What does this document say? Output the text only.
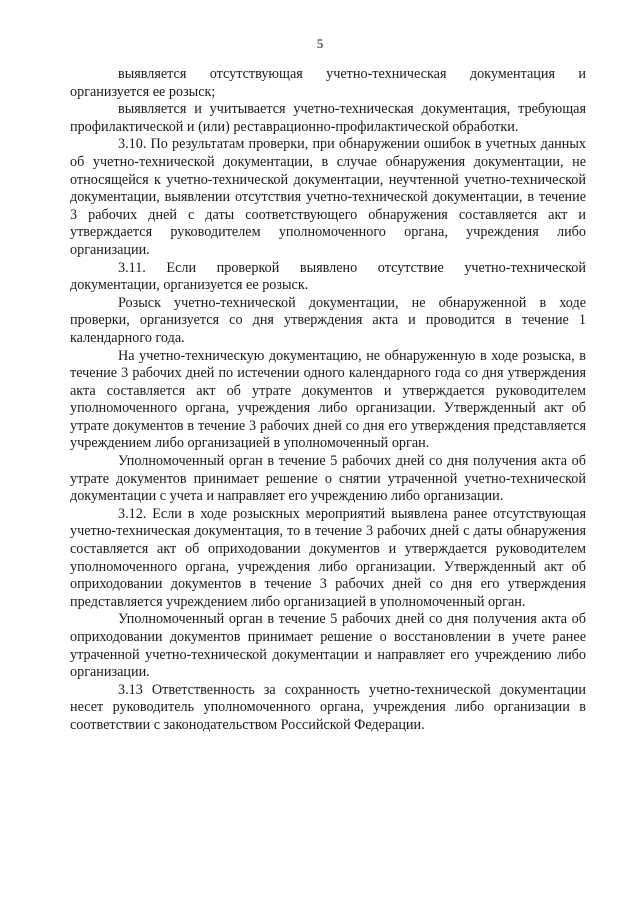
5

выявляется отсутствующая учетно-техническая документация и организуется ее розыск;

выявляется и учитывается учетно-техническая документация, требующая профилактической и (или) реставрационно-профилактической обработки.

3.10. По результатам проверки, при обнаружении ошибок в учетных данных об учетно-технической документации, в случае обнаружения документации, не относящейся к учетно-технической документации, неучтенной учетно-технической документации, выявлении отсутствия учетно-технической документации, в течение 3 рабочих дней с даты соответствующего обнаружения составляется акт и утверждается руководителем уполномоченного органа, учреждения либо организации.

3.11. Если проверкой выявлено отсутствие учетно-технической документации, организуется ее розыск.

Розыск учетно-технической документации, не обнаруженной в ходе проверки, организуется со дня утверждения акта и проводится в течение 1 календарного года.

На учетно-техническую документацию, не обнаруженную в ходе розыска, в течение 3 рабочих дней по истечении одного календарного года со дня утверждения акта составляется акт об утрате документов и утверждается руководителем уполномоченного органа, учреждения либо организации. Утвержденный акт об утрате документов в течение 3 рабочих дней со дня его утверждения представляется учреждением либо организацией в уполномоченный орган.

Уполномоченный орган в течение 5 рабочих дней со дня получения акта об утрате документов принимает решение о снятии утраченной учетно-технической документации с учета и направляет его учреждению либо организации.

3.12. Если в ходе розыскных мероприятий выявлена ранее отсутствующая учетно-техническая документация, то в течение 3 рабочих дней с даты обнаружения составляется акт об оприходовании документов и утверждается руководителем уполномоченного органа, учреждения либо организации. Утвержденный акт об оприходовании документов в течение 3 рабочих дней со дня его утверждения представляется учреждением либо организацией в уполномоченный орган.

Уполномоченный орган в течение 5 рабочих дней со дня получения акта об оприходовании документов принимает решение о восстановлении в учете ранее утраченной учетно-технической документации и направляет его учреждению либо организации.

3.13 Ответственность за сохранность учетно-технической документации несет руководитель уполномоченного органа, учреждения либо организации в соответствии с законодательством Российской Федерации.
